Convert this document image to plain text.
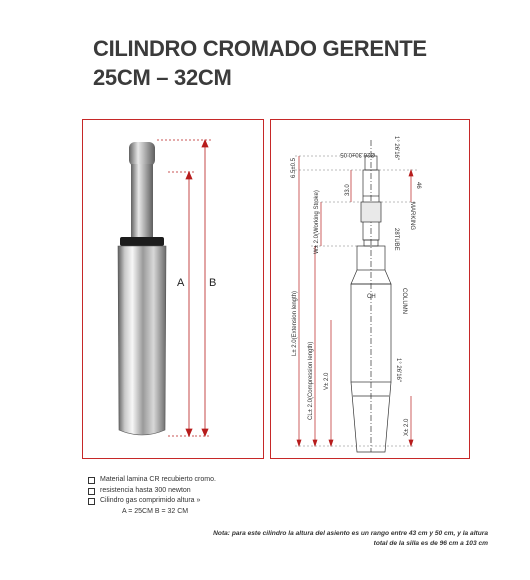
CILINDRO CROMADO GERENTE
25CM – 32CM
A B
CH
Ø26.30±0.05
6.5±0.5
1° 26'16"
33.0	46
MARKING
W± 2.0(Working Stroke)	28TUBE
L± 2.0(Extension length)	COLUMN
CL± 2.0(Compression length) V± 2.0	1° 26'16"
X± 2.0
Material lamina CR recubierto cromo.
resistencia hasta 300 newton
Cilindro gas comprimido altura »
A = 25CM B = 32 CM
Nota: para este cilindro la altura del asiento es un rango entre 43 cm y 50 cm, y la altura
total de la silla es de 96 cm a 103 cm
